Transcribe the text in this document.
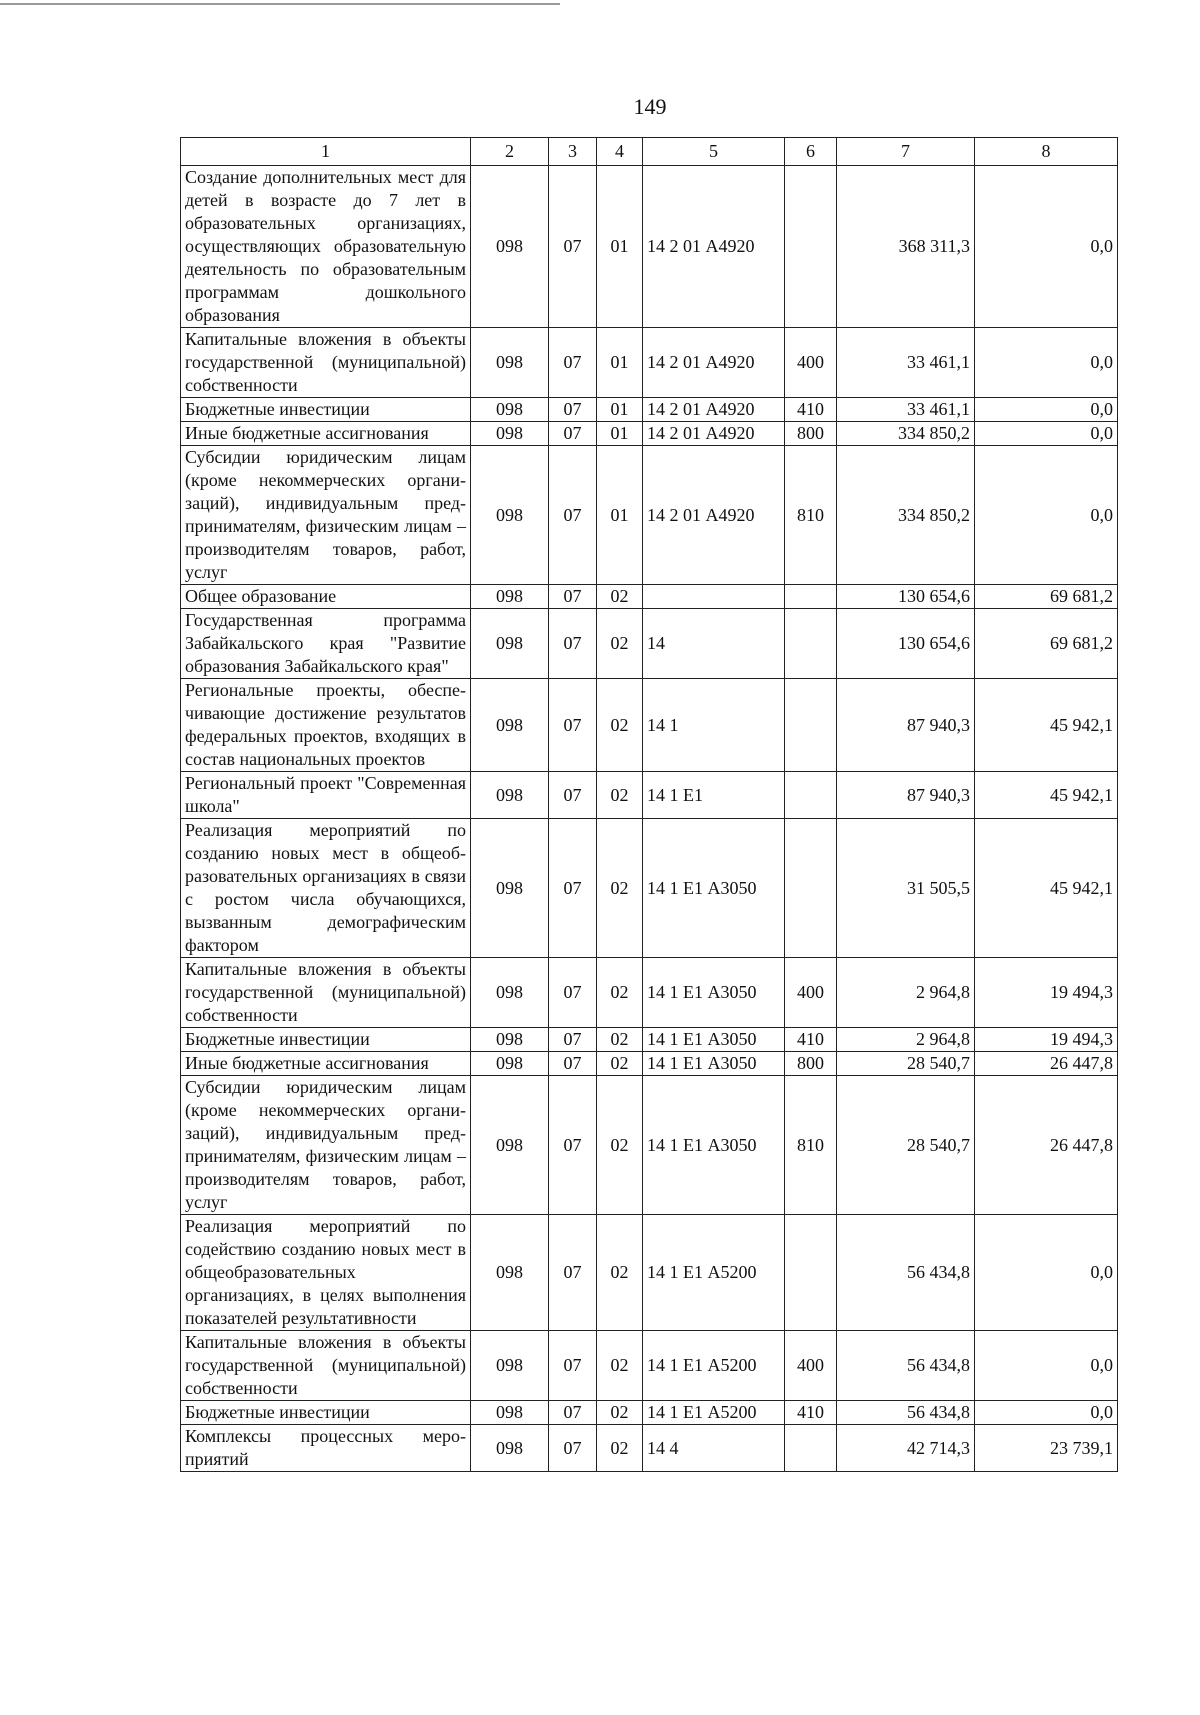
149
1	2	3	4	5	6	7	8
Создание дополнительных мест для детей в возрасте до 7 лет в образовательных организациях, осуществляющих образовательную деятельность по образовательным программам дошкольного образования	098	07	01	14 2 01 А4920		368 311,3	0,0
Капитальные вложения в объекты государственной (муниципальной) собственности	098	07	01	14 2 01 А4920	400	33 461,1	0,0
Бюджетные инвестиции	098	07	01	14 2 01 А4920	410	33 461,1	0,0
Иные бюджетные ассигнования	098	07	01	14 2 01 А4920	800	334 850,2	0,0
Субсидии юридическим лицам (кроме некоммерческих организаций), индивидуальным предпринимателям, физическим лицам – производителям товаров, работ, услуг	098	07	01	14 2 01 А4920	810	334 850,2	0,0
Общее образование	098	07	02			130 654,6	69 681,2
Государственная программа Забайкальского края "Развитие образования Забайкальского края"	098	07	02	14		130 654,6	69 681,2
Региональные проекты, обеспечивающие достижение результатов федеральных проектов, входящих в состав национальных проектов	098	07	02	14 1		87 940,3	45 942,1
Региональный проект "Современная школа"	098	07	02	14 1 Е1		87 940,3	45 942,1
Реализация мероприятий по созданию новых мест в общеобразовательных организациях в связи с ростом числа обучающихся, вызванным демографическим фактором	098	07	02	14 1 Е1 А3050		31 505,5	45 942,1
Капитальные вложения в объекты государственной (муниципальной) собственности	098	07	02	14 1 Е1 А3050	400	2 964,8	19 494,3
Бюджетные инвестиции	098	07	02	14 1 Е1 А3050	410	2 964,8	19 494,3
Иные бюджетные ассигнования	098	07	02	14 1 Е1 А3050	800	28 540,7	26 447,8
Субсидии юридическим лицам (кроме некоммерческих организаций), индивидуальным предпринимателям, физическим лицам – производителям товаров, работ, услуг	098	07	02	14 1 Е1 А3050	810	28 540,7	26 447,8
Реализация мероприятий по содействию созданию новых мест в общеобразовательных организациях, в целях выполнения показателей результативности	098	07	02	14 1 Е1 А5200		56 434,8	0,0
Капитальные вложения в объекты государственной (муниципальной) собственности	098	07	02	14 1 Е1 А5200	400	56 434,8	0,0
Бюджетные инвестиции	098	07	02	14 1 Е1 А5200	410	56 434,8	0,0
Комплексы процессных мероприятий	098	07	02	14 4		42 714,3	23 739,1
